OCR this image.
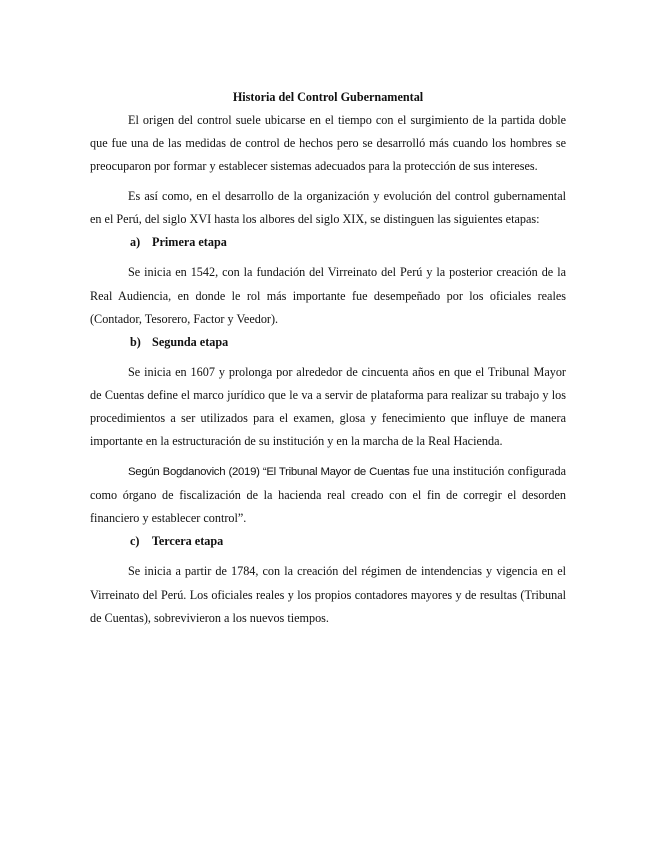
Historia del Control Gubernamental

El origen del control suele ubicarse en el tiempo con el surgimiento de la partida doble que fue una de las medidas de control de hechos pero se desarrolló más cuando los hombres se preocuparon por formar y establecer sistemas adecuados para la protección de sus intereses.

Es así como, en el desarrollo de la organización y evolución del control gubernamental en el Perú, del siglo XVI hasta los albores del siglo XIX, se distinguen las siguientes etapas:

a) Primera etapa

Se inicia en 1542, con la fundación del Virreinato del Perú y la posterior creación de la Real Audiencia, en donde le rol más importante fue desempeñado por los oficiales reales (Contador, Tesorero, Factor y Veedor).

b) Segunda etapa

Se inicia en 1607 y prolonga por alrededor de cincuenta años en que el Tribunal Mayor de Cuentas define el marco jurídico que le va a servir de plataforma para realizar su trabajo y los procedimientos a ser utilizados para el examen, glosa y fenecimiento que influye de manera importante en la estructuración de su institución y en la marcha de la Real Hacienda.

Según Bogdanovich (2019) “El Tribunal Mayor de Cuentas fue una institución configurada como órgano de fiscalización de la hacienda real creado con el fin de corregir el desorden financiero y establecer control”.

c) Tercera etapa

Se inicia a partir de 1784, con la creación del régimen de intendencias y vigencia en el Virreinato del Perú. Los oficiales reales y los propios contadores mayores y de resultas (Tribunal de Cuentas), sobrevivieron a los nuevos tiempos.
